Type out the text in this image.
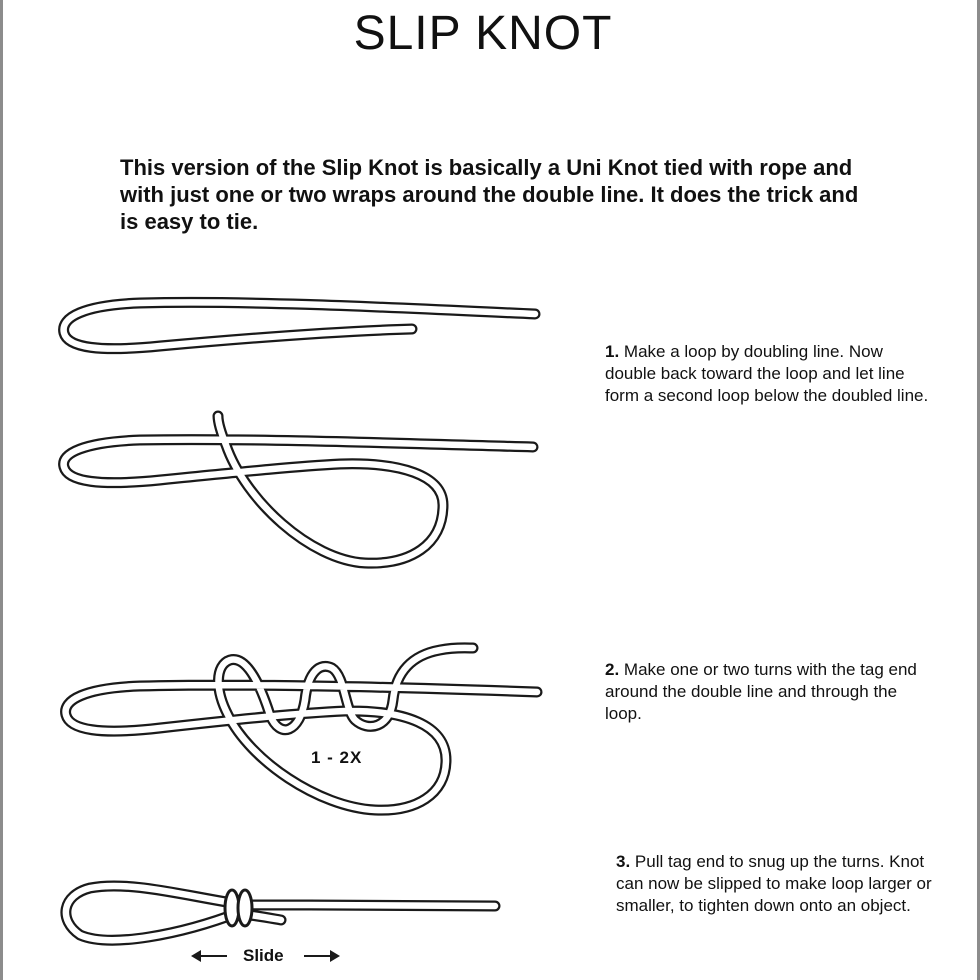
SLIP KNOT

This version of the Slip Knot is basically a Uni Knot tied with rope and with just one or two wraps around the double line. It does the trick and is easy to tie.

1. Make a loop by doubling line. Now double back toward the loop and let line form a second loop below the doubled line.

2. Make one or two turns with the tag end around the double line and through the loop.

3. Pull tag end to snug up the turns. Knot can now be slipped to make loop larger or smaller, to tighten down onto an object.

1 - 2X
Slide
